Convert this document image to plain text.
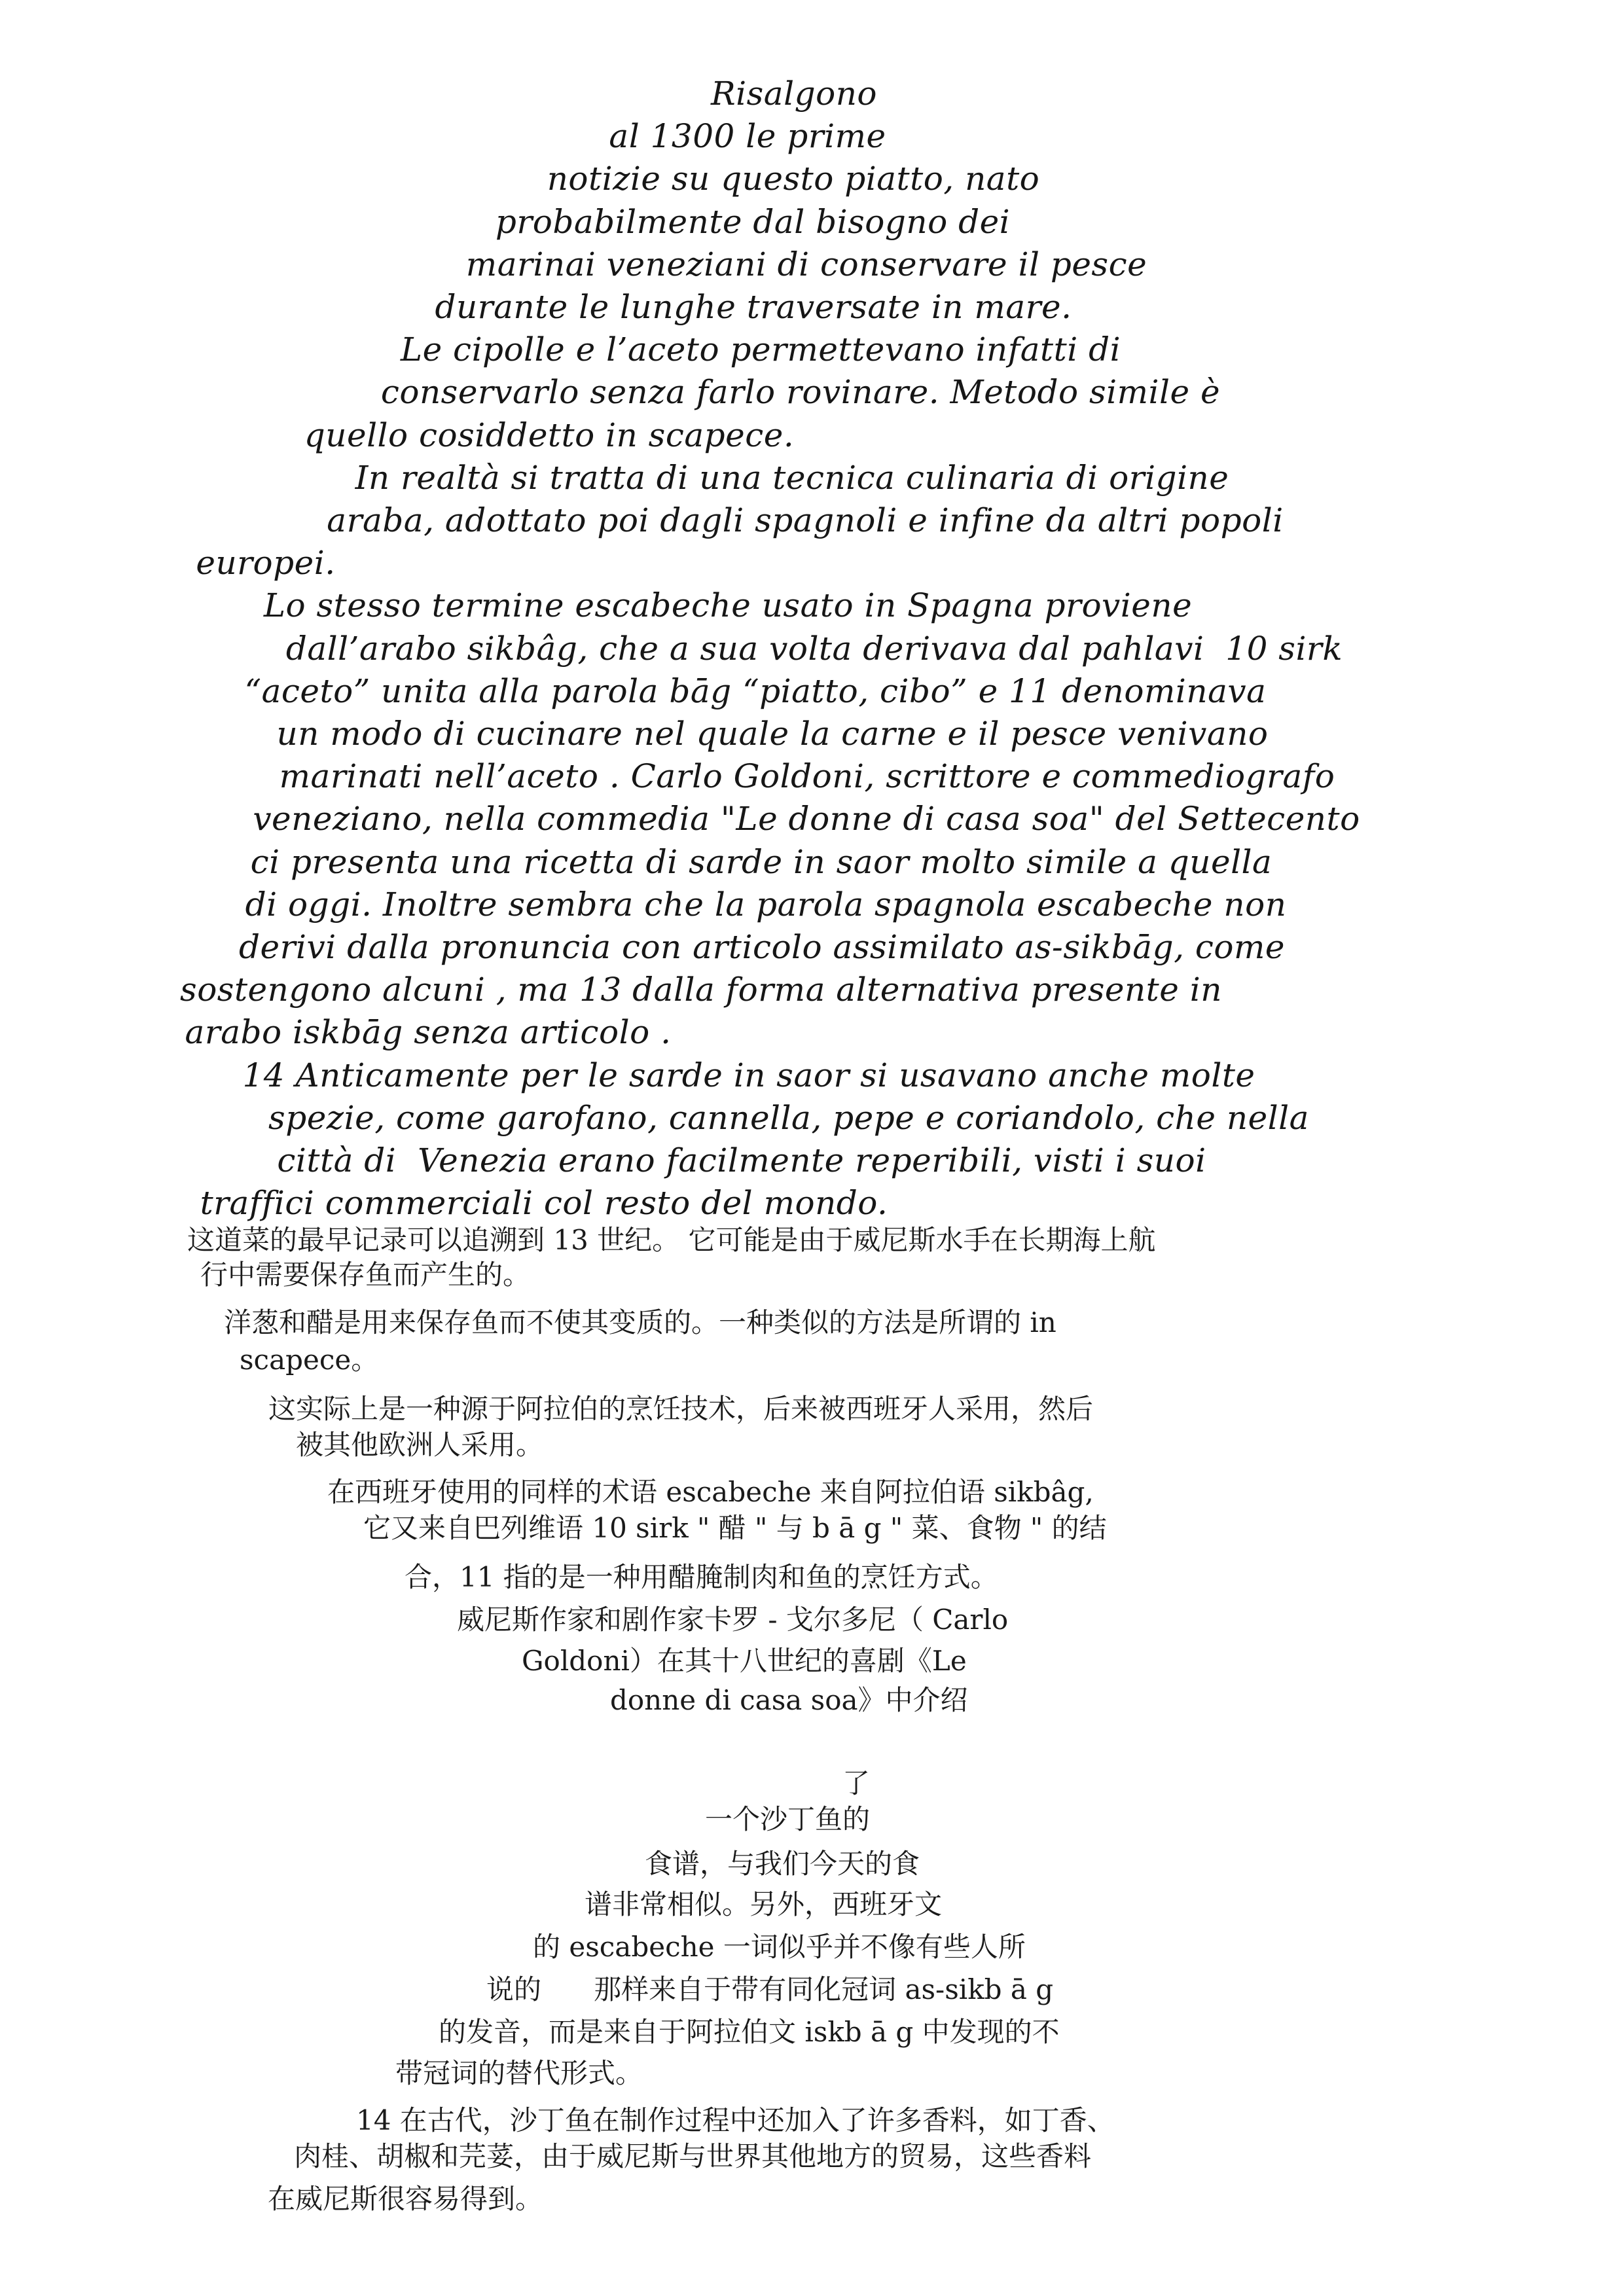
Risalgono
al 1300 le prime
notizie su questo piatto, nato
probabilmente dal bisogno dei
marinai veneziani di conservare il pesce
durante le lunghe traversate in mare.
Le cipolle e l’aceto permettevano infatti di
conservarlo senza farlo rovinare. Metodo simile è
quello cosiddetto in scapece.
In realtà si tratta di una tecnica culinaria di origine
araba, adottato poi dagli spagnoli e infine da altri popoli
europei.
Lo stesso termine escabeche usato in Spagna proviene
dall’arabo sikbâg, che a sua volta derivava dal pahlavi  10 sirk
“aceto” unita alla parola bāg “piatto, cibo” e 11 denominava
un modo di cucinare nel quale la carne e il pesce venivano
marinati nell’aceto . Carlo Goldoni, scrittore e commediografo
veneziano, nella commedia "Le donne di casa soa" del Settecento
ci presenta una ricetta di sarde in saor molto simile a quella
di oggi. Inoltre sembra che la parola spagnola escabeche non
derivi dalla pronuncia con articolo assimilato as-sikbāg, come
sostengono alcuni , ma 13 dalla forma alternativa presente in
arabo iskbāg senza articolo .
14 Anticamente per le sarde in saor si usavano anche molte
spezie, come garofano, cannella, pepe e coriandolo, che nella
città di  Venezia erano facilmente reperibili, visti i suoi
traffici commerciali col resto del mondo.
这道菜的最早记录可以追溯到 13 世纪。 它可能是由于威尼斯水手在长期海上航
行中需要保存鱼而产生的。
洋葱和醋是用来保存鱼而不使其变质的。一种类似的方法是所谓的 in
scapece。
这实际上是一种源于阿拉伯的烹饪技术，后来被西班牙人采用，然后
被其他欧洲人采用。
在西班牙使用的同样的术语 escabeche 来自阿拉伯语 sikbâg,
它又来自巴列维语 10 sirk " 醋 " 与 b ā g " 菜、食物 " 的结
合，11 指的是一种用醋腌制肉和鱼的烹饪方式。
威尼斯作家和剧作家卡罗 - 戈尔多尼（ Carlo
Goldoni）在其十八世纪的喜剧《Le
donne di casa soa》中介绍
了
一个沙丁鱼的
食谱，与我们今天的食
谱非常相似。另外，西班牙文
的 escabeche 一词似乎并不像有些人所
说的      那样来自于带有同化冠词 as-sikb ā g
的发音，而是来自于阿拉伯文 iskb ā g 中发现的不
带冠词的替代形式。
14 在古代，沙丁鱼在制作过程中还加入了许多香料，如丁香、
肉桂、胡椒和芫荽，由于威尼斯与世界其他地方的贸易，这些香料
在威尼斯很容易得到。
